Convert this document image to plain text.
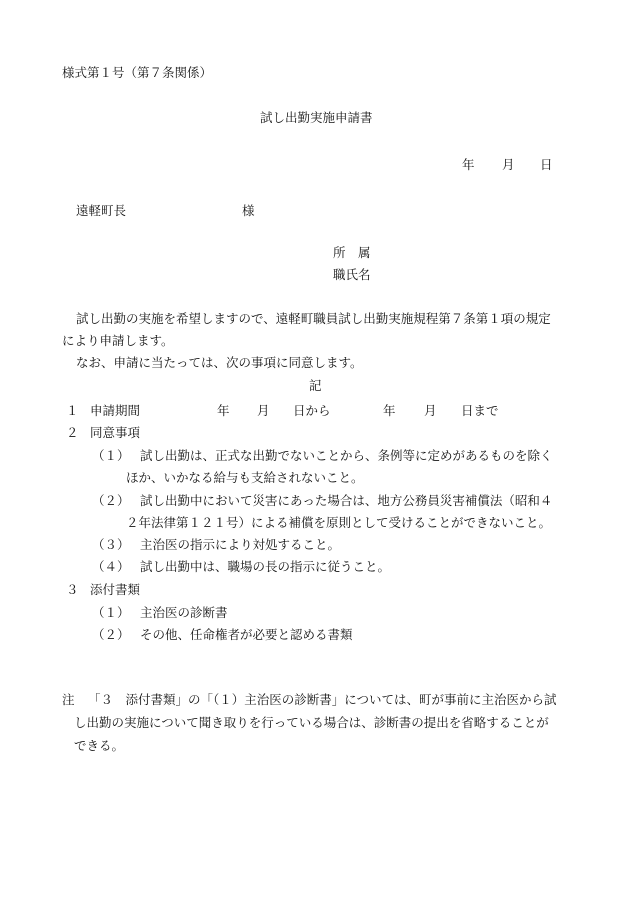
様式第１号（第７条関係）
試し出勤実施申請書
年 月 日
遠軽町長	様
所　属
職氏名
試し出勤の実施を希望しますので、遠軽町職員試し出勤実施規程第７条第１項の規定
により申請します。
なお、申請に当たっては、次の事項に同意します。
記
１ 申請期間	年 月 日から	年 月 日まで
２ 同意事項
（１） 試し出勤は、正式な出勤でないことから、条例等に定めがあるものを除く
ほか、いかなる給与も支給されないこと。
（２） 試し出勤中において災害にあった場合は、地方公務員災害補償法（昭和４
２年法律第１２１号）による補償を原則として受けることができないこと。
（３） 主治医の指示により対処すること。
（４） 試し出勤中は、職場の長の指示に従うこと。
３ 添付書類
（１） 主治医の診断書
（２） その他、任命権者が必要と認める書類
注 「３　添付書類」の「（１）主治医の診断書」については、町が事前に主治医から試
し出勤の実施について聞き取りを行っている場合は、診断書の提出を省略することが
できる。
